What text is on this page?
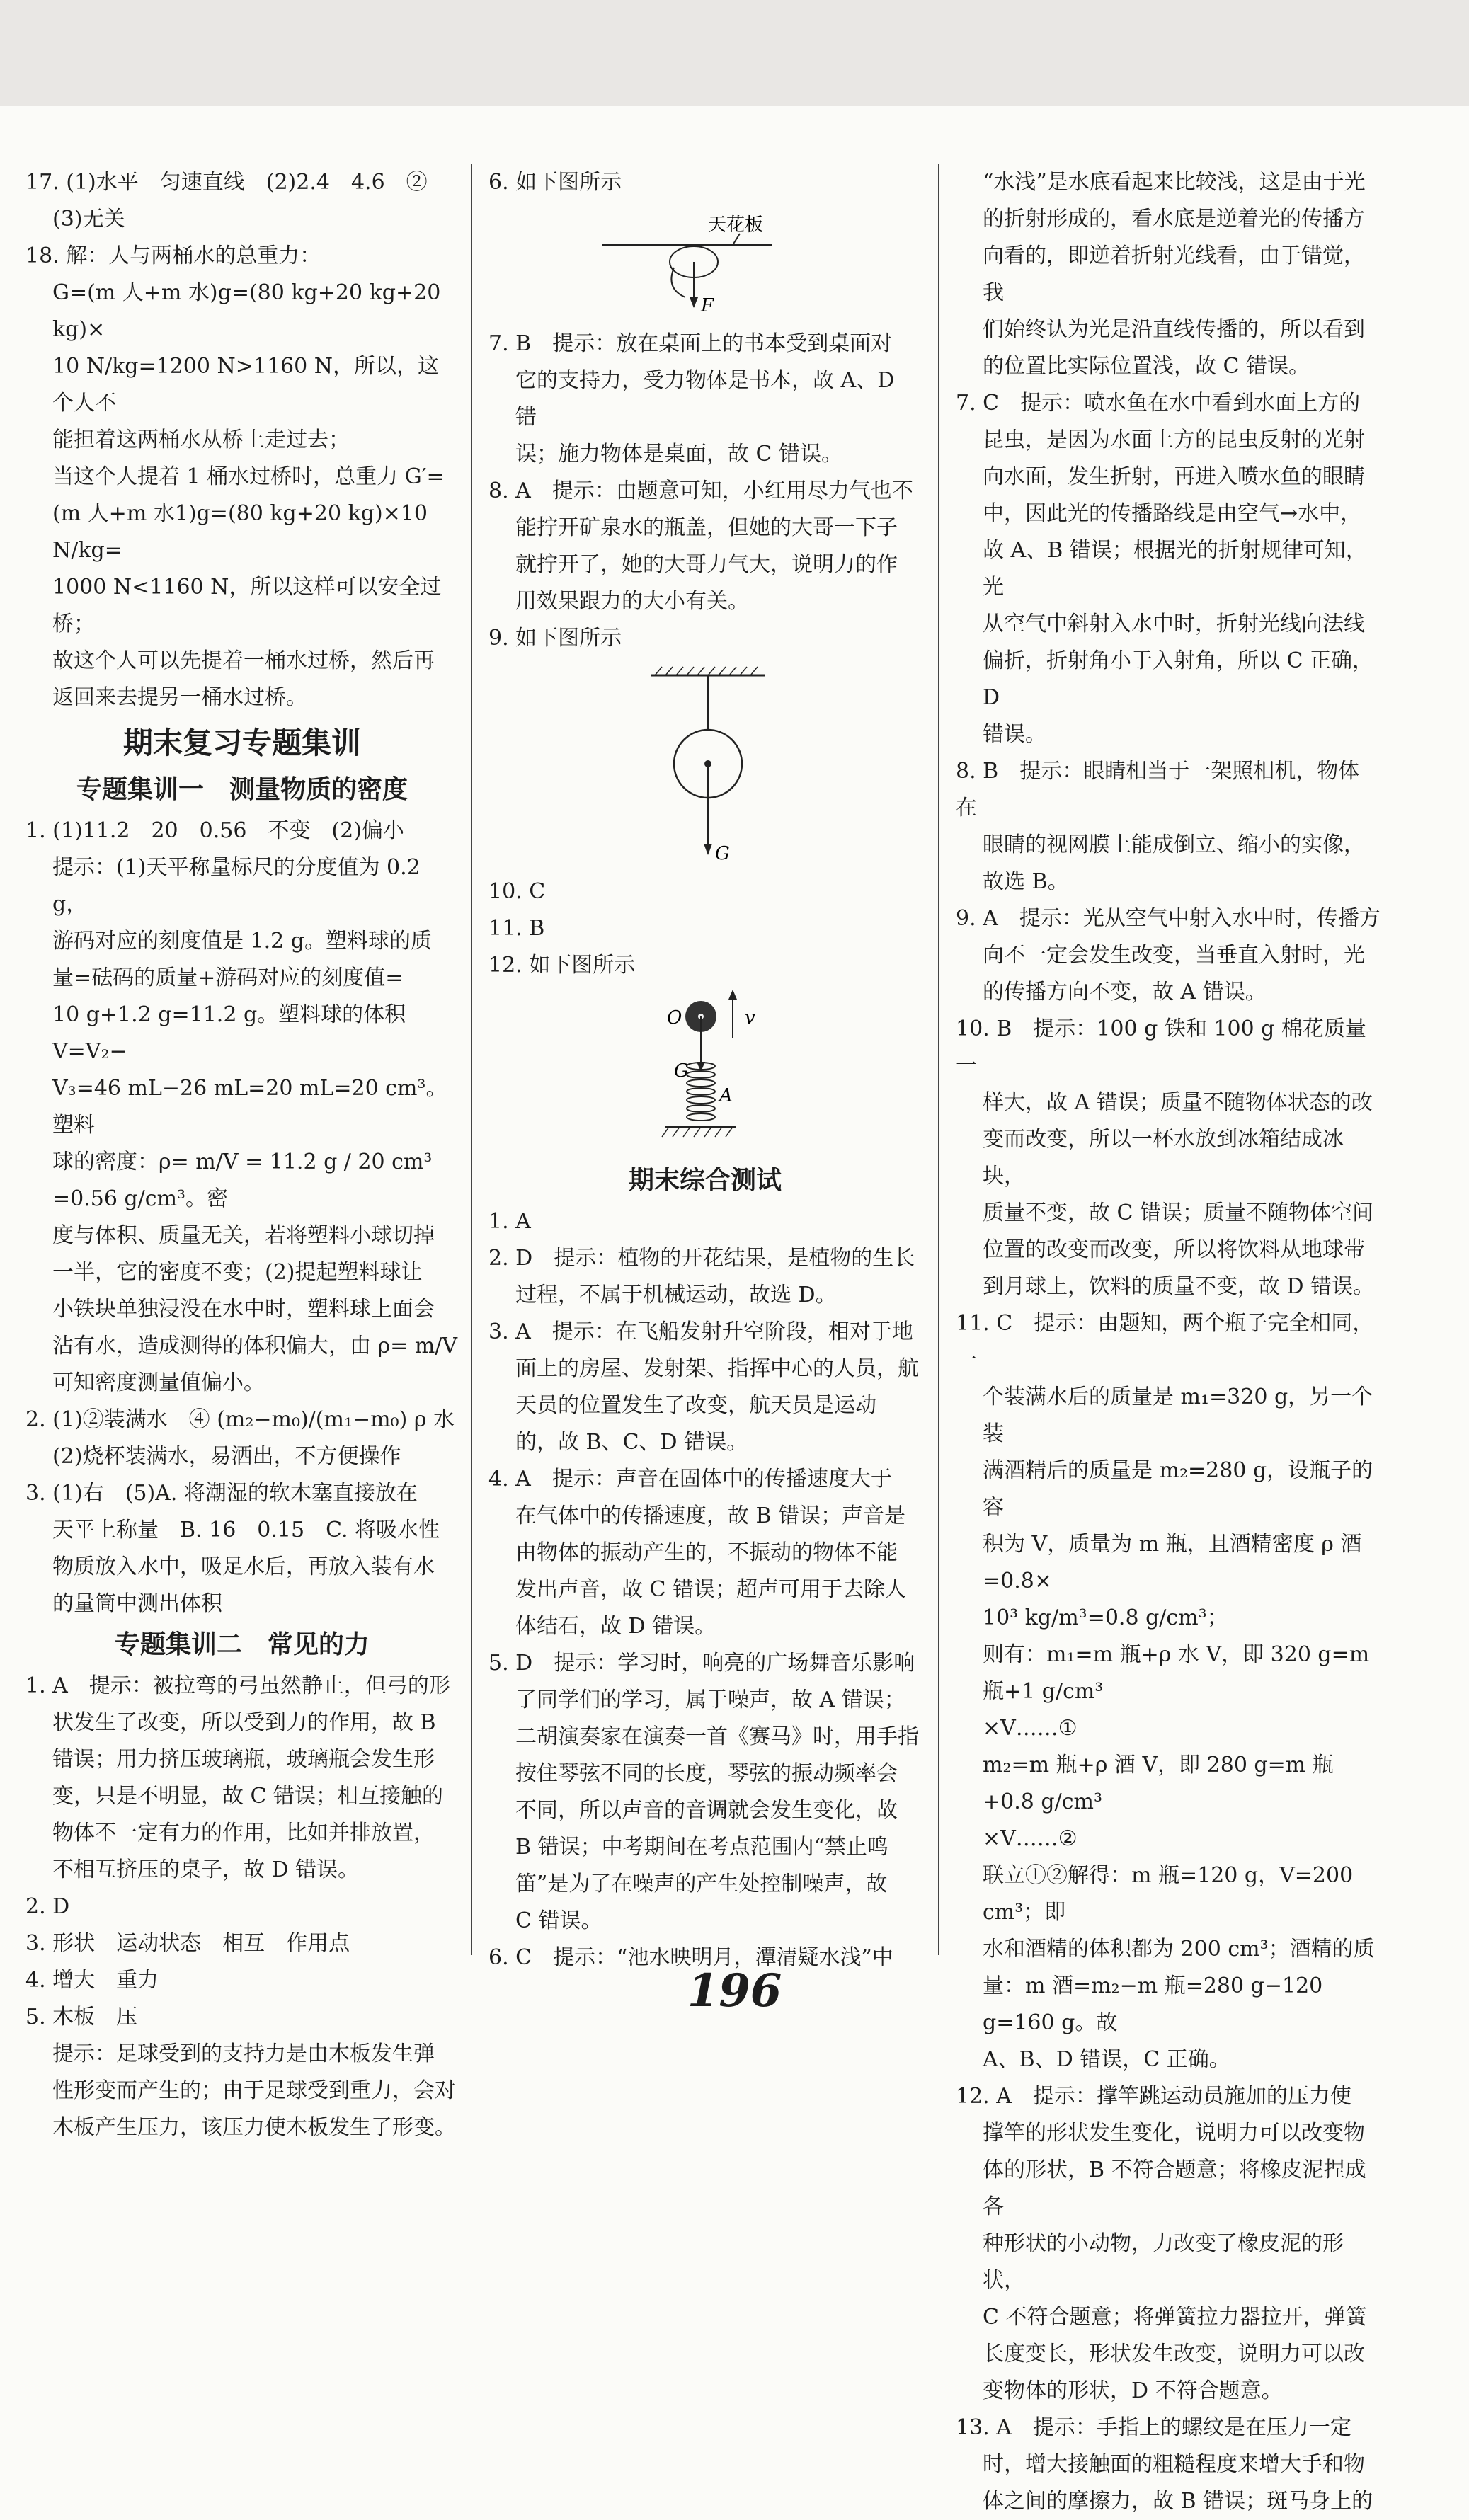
17. (1)水平　匀速直线　(2)2.4　4.6　②

(3)无关

18. 解：人与两桶水的总重力：

G=(m 人+m 水)g=(80 kg+20 kg+20 kg)×

10 N/kg=1200 N>1160 N，所以，这个人不

能担着这两桶水从桥上走过去；

当这个人提着 1 桶水过桥时，总重力 G′=

(m 人+m 水1)g=(80 kg+20 kg)×10 N/kg=

1000 N<1160 N，所以这样可以安全过桥；

故这个人可以先提着一桶水过桥，然后再

返回来去提另一桶水过桥。

期末复习专题集训
专题集训一　测量物质的密度

1. (1)11.2　20　0.56　不变　(2)偏小

提示：(1)天平称量标尺的分度值为 0.2 g，

游码对应的刻度值是 1.2 g。塑料球的质

量=砝码的质量+游码对应的刻度值=

10 g+1.2 g=11.2 g。塑料球的体积 V=V₂−

V₃=46 mL−26 mL=20 mL=20 cm³。塑料

球的密度：ρ= m/V = 11.2 g / 20 cm³ =0.56 g/cm³。密

度与体积、质量无关，若将塑料小球切掉

一半，它的密度不变；(2)提起塑料球让

小铁块单独浸没在水中时，塑料球上面会

沾有水，造成测得的体积偏大，由 ρ= m/V

可知密度测量值偏小。

2. (1)②装满水　④ (m₂−m₀)/(m₁−m₀) ρ 水

(2)烧杯装满水，易洒出，不方便操作

3. (1)右　(5)A. 将潮湿的软木塞直接放在

天平上称量　B. 16　0.15　C. 将吸水性

物质放入水中，吸足水后，再放入装有水

的量筒中测出体积

专题集训二　常见的力

1. A　提示：被拉弯的弓虽然静止，但弓的形

状发生了改变，所以受到力的作用，故 B

错误；用力挤压玻璃瓶，玻璃瓶会发生形

变，只是不明显，故 C 错误；相互接触的

物体不一定有力的作用，比如并排放置，

不相互挤压的桌子，故 D 错误。

2. D

3. 形状　运动状态　相互　作用点

4. 增大　重力

5. 木板　压

提示：足球受到的支持力是由木板发生弹

性形变而产生的；由于足球受到重力，会对

木板产生压力，该压力使木板发生了形变。

6. 如下图所示

天花板
F

7. B　提示：放在桌面上的书本受到桌面对

它的支持力，受力物体是书本，故 A、D 错

误；施力物体是桌面，故 C 错误。

8. A　提示：由题意可知，小红用尽力气也不

能拧开矿泉水的瓶盖，但她的大哥一下子

就拧开了，她的大哥力气大，说明力的作

用效果跟力的大小有关。

9. 如下图所示

G

10. C

11. B

12. 如下图所示

O	v
G
A
期末综合测试

1. A

2. D　提示：植物的开花结果，是植物的生长

过程，不属于机械运动，故选 D。

3. A　提示：在飞船发射升空阶段，相对于地

面上的房屋、发射架、指挥中心的人员，航

天员的位置发生了改变，航天员是运动

的，故 B、C、D 错误。

4. A　提示：声音在固体中的传播速度大于

在气体中的传播速度，故 B 错误；声音是

由物体的振动产生的，不振动的物体不能

发出声音，故 C 错误；超声可用于去除人

体结石，故 D 错误。

5. D　提示：学习时，响亮的广场舞音乐影响

了同学们的学习，属于噪声，故 A 错误；

二胡演奏家在演奏一首《赛马》时，用手指

按住琴弦不同的长度，琴弦的振动频率会

不同，所以声音的音调就会发生变化，故

B 错误；中考期间在考点范围内“禁止鸣

笛”是为了在噪声的产生处控制噪声，故

C 错误。

6. C　提示：“池水映明月，潭清疑水浅”中

“水浅”是水底看起来比较浅，这是由于光

的折射形成的，看水底是逆着光的传播方

向看的，即逆着折射光线看，由于错觉，我

们始终认为光是沿直线传播的，所以看到

的位置比实际位置浅，故 C 错误。

7. C　提示：喷水鱼在水中看到水面上方的

昆虫，是因为水面上方的昆虫反射的光射

向水面，发生折射，再进入喷水鱼的眼睛

中，因此光的传播路线是由空气→水中，

故 A、B 错误；根据光的折射规律可知，光

从空气中斜射入水中时，折射光线向法线

偏折，折射角小于入射角，所以 C 正确，D

错误。

8. B　提示：眼睛相当于一架照相机，物体在

眼睛的视网膜上能成倒立、缩小的实像，

故选 B。

9. A　提示：光从空气中射入水中时，传播方

向不一定会发生改变，当垂直入射时，光

的传播方向不变，故 A 错误。

10. B　提示：100 g 铁和 100 g 棉花质量一

样大，故 A 错误；质量不随物体状态的改

变而改变，所以一杯水放到冰箱结成冰块，

质量不变，故 C 错误；质量不随物体空间

位置的改变而改变，所以将饮料从地球带

到月球上，饮料的质量不变，故 D 错误。

11. C　提示：由题知，两个瓶子完全相同，一

个装满水后的质量是 m₁=320 g，另一个装

满酒精后的质量是 m₂=280 g，设瓶子的容

积为 V，质量为 m 瓶，且酒精密度 ρ 酒=0.8×

10³ kg/m³=0.8 g/cm³；

则有：m₁=m 瓶+ρ 水 V，即 320 g=m 瓶+1 g/cm³

×V……①

m₂=m 瓶+ρ 酒 V，即 280 g=m 瓶+0.8 g/cm³

×V……②

联立①②解得：m 瓶=120 g，V=200 cm³；即

水和酒精的体积都为 200 cm³；酒精的质

量：m 酒=m₂−m 瓶=280 g−120 g=160 g。故

A、B、D 错误，C 正确。

12. A　提示：撑竿跳运动员施加的压力使

撑竿的形状发生变化，说明力可以改变物

体的形状，B 不符合题意；将橡皮泥捏成各

种形状的小动物，力改变了橡皮泥的形状，

C 不符合题意；将弹簧拉力器拉开，弹簧

长度变长，形状发生改变，说明力可以改

变物体的形状，D 不符合题意。

13. A　提示：手指上的螺纹是在压力一定

时，增大接触面的粗糙程度来增大手和物

体之间的摩擦力，故 B 错误；斑马身上的

196
